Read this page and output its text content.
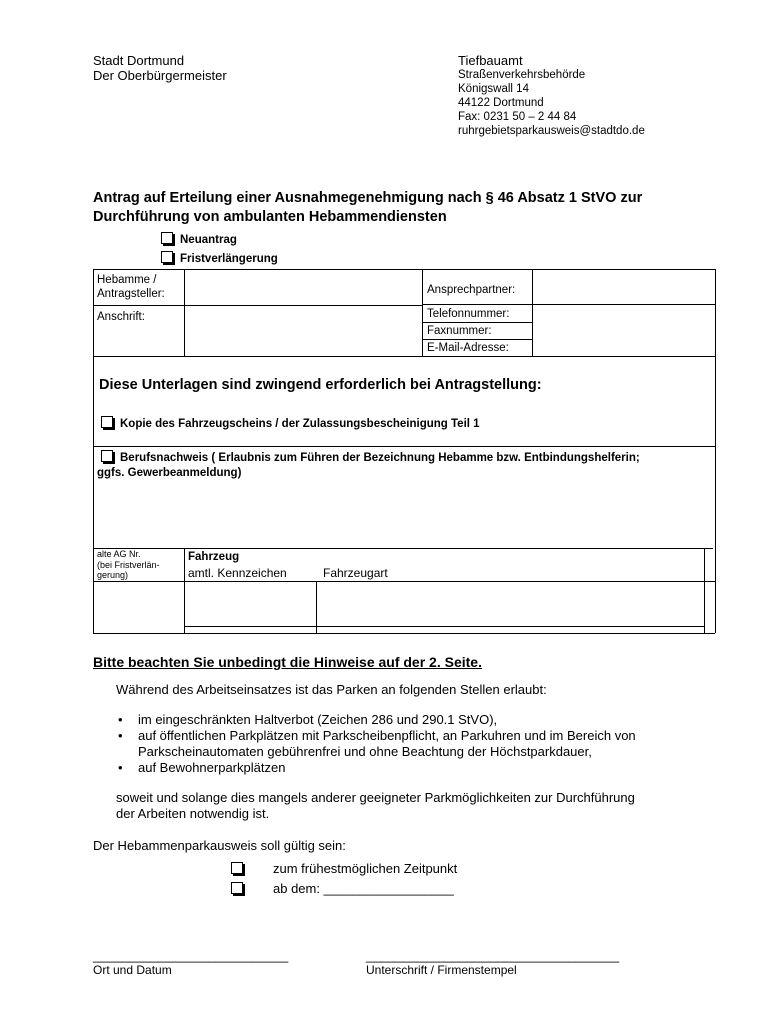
Stadt Dortmund
Der Oberbürgermeister
Tiefbauamt
Straßenverkehrsbehörde
Königswall 14
44122 Dortmund
Fax: 0231 50 – 2 44 84
ruhrgebietsparkausweis@stadtdo.de
Antrag auf Erteilung einer Ausnahmegenehmigung nach § 46 Absatz 1 StVO zur
Durchführung von ambulanten Hebammendiensten
Neuantrag
Fristverlängerung
Hebamme /
Antragsteller:	Ansprechpartner:
Anschrift:	Telefonnummer:
Faxnummer:
E-Mail-Adresse:
Diese Unterlagen sind zwingend erforderlich bei Antragstellung:
Kopie des Fahrzeugscheins / der Zulassungsbescheinigung Teil 1
Berufsnachweis ( Erlaubnis zum Führen der Bezeichnung Hebamme bzw. Entbindungshelferin;
ggfs. Gewerbeanmeldung)
alte AG Nr.
(bei Fristverlän-
gerung)
Fahrzeug
amtl. Kennzeichen	Fahrzeugart
Bitte beachten Sie unbedingt die Hinweise auf der 2. Seite.
Während des Arbeitseinsatzes ist das Parken an folgenden Stellen erlaubt:
• im eingeschränkten Haltverbot (Zeichen 286 und 290.1 StVO),
• auf öffentlichen Parkplätzen mit Parkscheibenpflicht, an Parkuhren und im Bereich von
Parkscheinautomaten gebührenfrei und ohne Beachtung der Höchstparkdauer,
• auf Bewohnerparkplätzen
soweit und solange dies mangels anderer geeigneter Parkmöglichkeiten zur Durchführung
der Arbeiten notwendig ist.
Der Hebammenparkausweis soll gültig sein:
zum frühestmöglichen Zeitpunkt
ab dem: __________________
___________________________	___________________________________
Ort und Datum	Unterschrift / Firmenstempel
